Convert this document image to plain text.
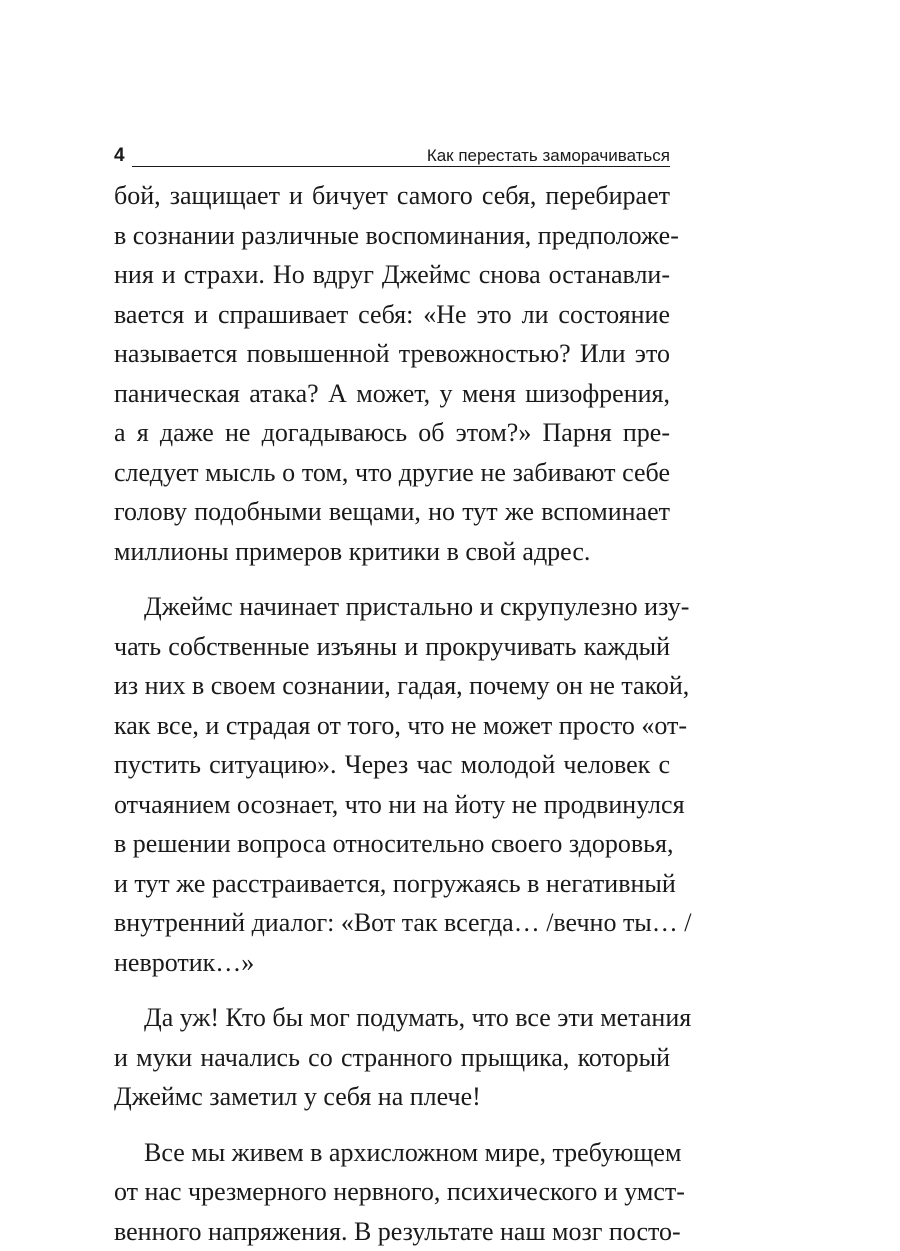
4	Как перестать заморачиваться
бой, защищает и бичует самого себя, перебирает
в сознании различные воспоминания, предположе-
ния и страхи. Но вдруг Джеймс снова останавли-
вается и спрашивает себя: «Не это ли состояние
называется повышенной тревожностью? Или это
паническая атака? А может, у меня шизофрения,
а я даже не догадываюсь об этом?» Парня пре-
следует мысль о том, что другие не забивают себе
голову подобными вещами, но тут же вспоминает
миллионы примеров критики в свой адрес.
Джеймс начинает пристально и скрупулезно изу-
чать собственные изъяны и прокручивать каждый
из них в своем сознании, гадая, почему он не такой,
как все, и страдая от того, что не может просто «от-
пустить ситуацию». Через час молодой человек с
отчаянием осознает, что ни на йоту не продвинулся
в решении вопроса относительно своего здоровья,
и тут же расстраивается, погружаясь в негативный
внутренний диалог: «Вот так всегда… /вечно ты… /
невротик…»
Да уж! Кто бы мог подумать, что все эти метания
и муки начались со странного прыщика, который
Джеймс заметил у себя на плече!
Все мы живем в архисложном мире, требующем
от нас чрезмерного нервного, психического и умст-
венного напряжения. В результате наш мозг посто-
